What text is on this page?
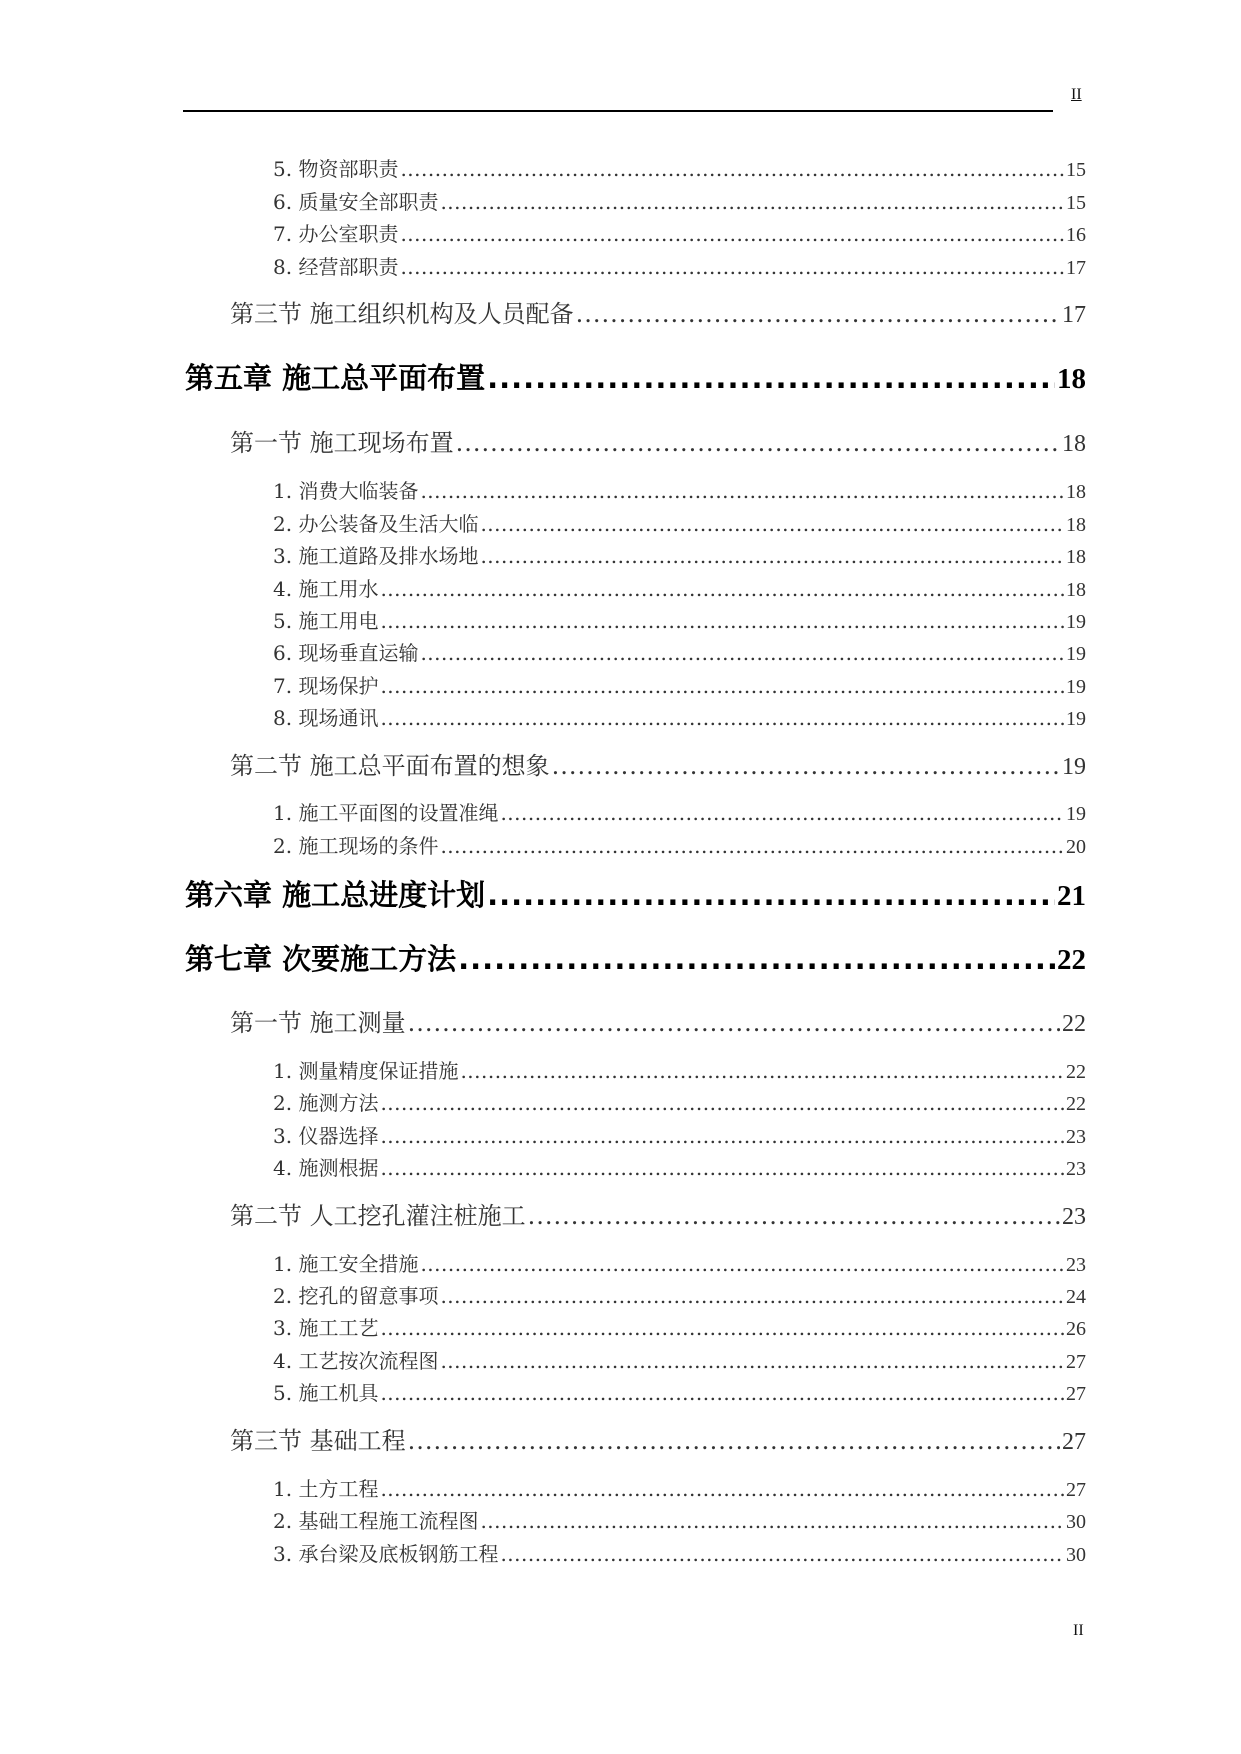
II
5. 物资部职责 .....	15
6. 质量安全部职责 .....	15
7. 办公室职责 .....	16
8. 经营部职责 .....	17
第三节 施工组织机构及人员配备 .....	17
第五章 施工总平面布置 .....	18
第一节 施工现场布置 .....	18
1. 消费大临装备 .....	18
2. 办公装备及生活大临 .....	18
3. 施工道路及排水场地 .....	18
4. 施工用水 .....	18
5. 施工用电 .....	19
6. 现场垂直运输 .....	19
7. 现场保护 .....	19
8. 现场通讯 .....	19
第二节 施工总平面布置的想象 .....	19
1. 施工平面图的设置准绳 .....	19
2. 施工现场的条件 .....	20
第六章 施工总进度计划 .....	21
第七章 次要施工方法 .....	22
第一节 施工测量 .....	22
1. 测量精度保证措施 .....	22
2. 施测方法 .....	22
3. 仪器选择 .....	23
4. 施测根据 .....	23
第二节 人工挖孔灌注桩施工 .....	23
1. 施工安全措施 .....	23
2. 挖孔的留意事项 .....	24
3. 施工工艺 .....	26
4. 工艺按次流程图 .....	27
5. 施工机具 .....	27
第三节 基础工程 .....	27
1. 土方工程 .....	27
2. 基础工程施工流程图 .....	30
3. 承台梁及底板钢筋工程 .....	30
II
